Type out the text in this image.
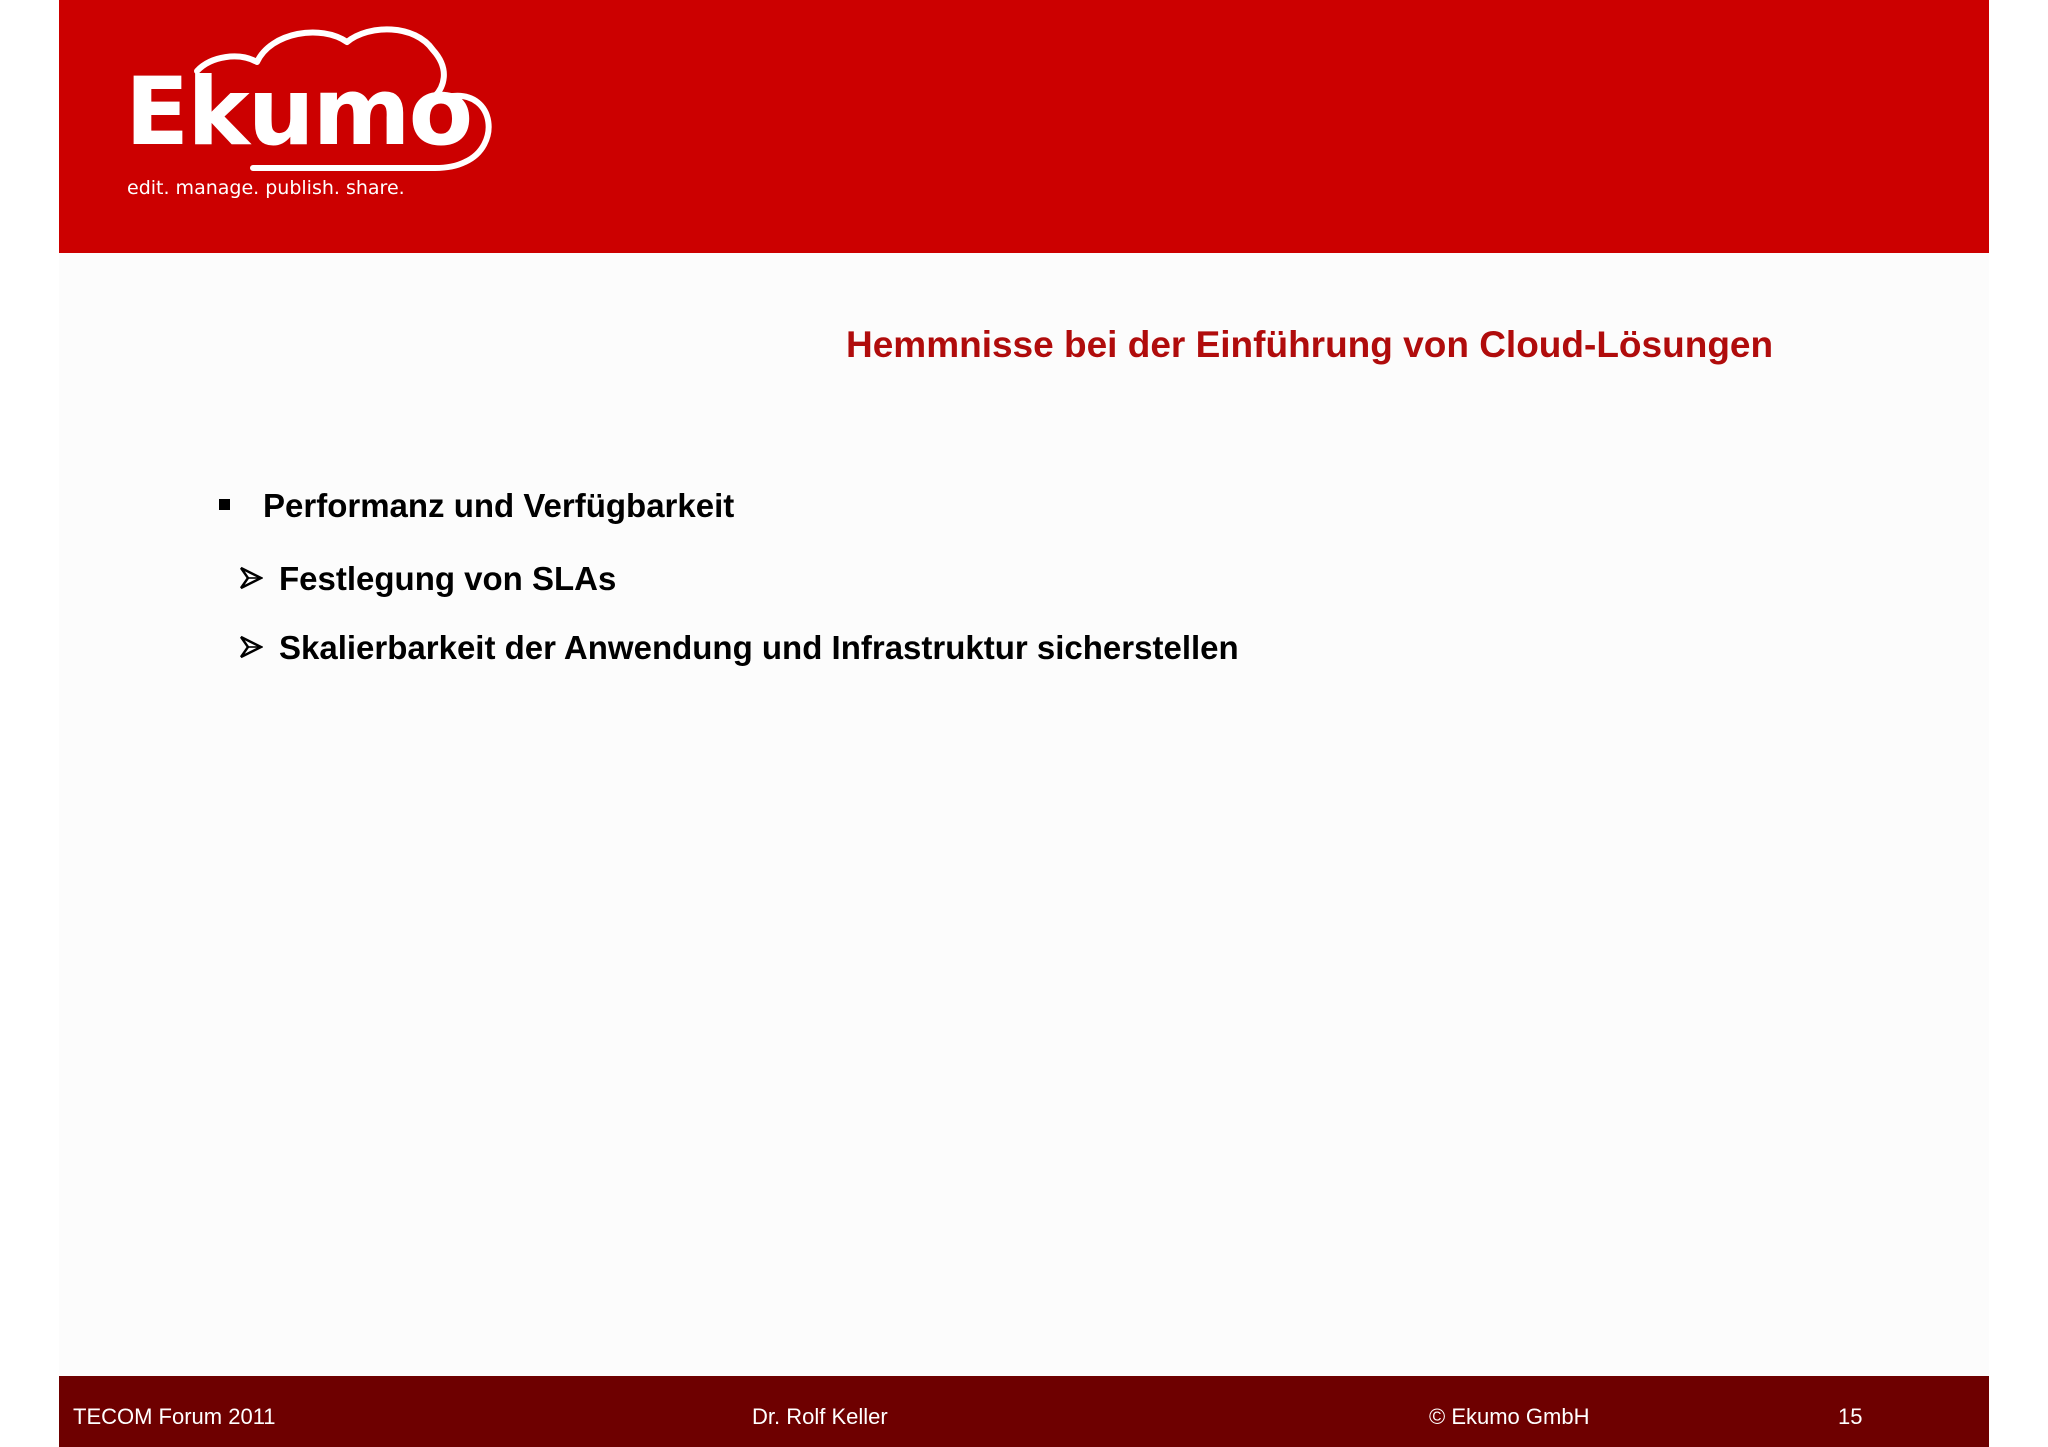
Ekumo
edit. manage. publish. share.
Hemmnisse bei der Einführung von Cloud-Lösungen
Performanz und Verfügbarkeit
Festlegung von SLAs
Skalierbarkeit der Anwendung und Infrastruktur sicherstellen
TECOM Forum 2011	Dr. Rolf Keller	© Ekumo GmbH	15
